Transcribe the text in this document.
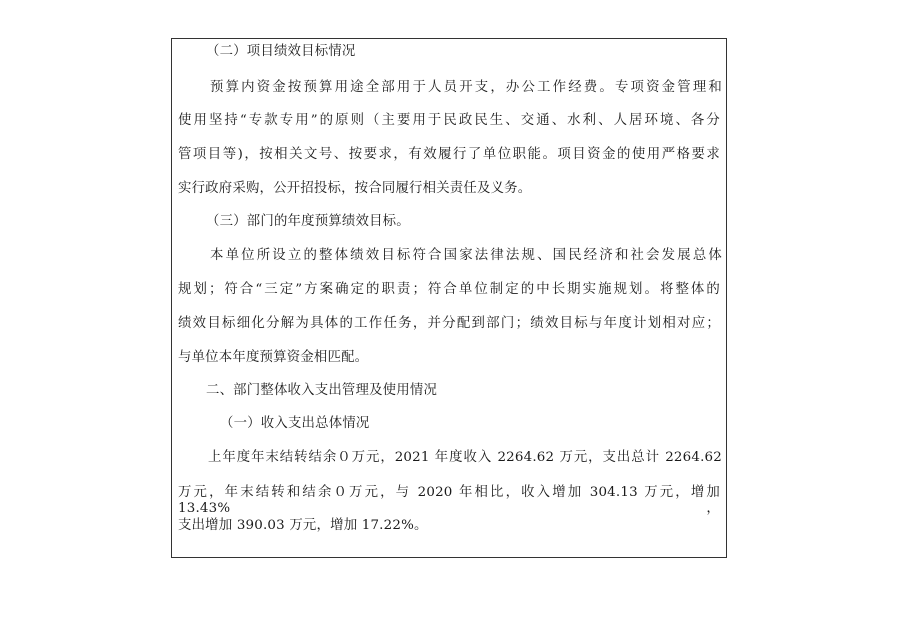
（二）项目绩效目标情况
预算内资金按预算用途全部用于人员开支，办公工作经费。专项资金管理和
使用坚持“专款专用”的原则（主要用于民政民生、交通、水利、人居环境、各分
管项目等)，按相关文号、按要求，有效履行了单位职能。项目资金的使用严格要求
实行政府采购，公开招投标，按合同履行相关责任及义务。
（三）部门的年度预算绩效目标。
本单位所设立的整体绩效目标符合国家法律法规、国民经济和社会发展总体
规划；符合“三定”方案确定的职责；符合单位制定的中长期实施规划。将整体的
绩效目标细化分解为具体的工作任务，并分配到部门；绩效目标与年度计划相对应；
与单位本年度预算资金相匹配。
二、部门整体收入支出管理及使用情况
（一）收入支出总体情况
上年度年末结转结余０万元，2021 年度收入 2264.62 万元，支出总计 2264.62
万元，年末结转和结余０万元，与 2020 年相比，收入增加 304.13 万元，增加 13.43%，
支出增加 390.03 万元，增加 17.22%。
